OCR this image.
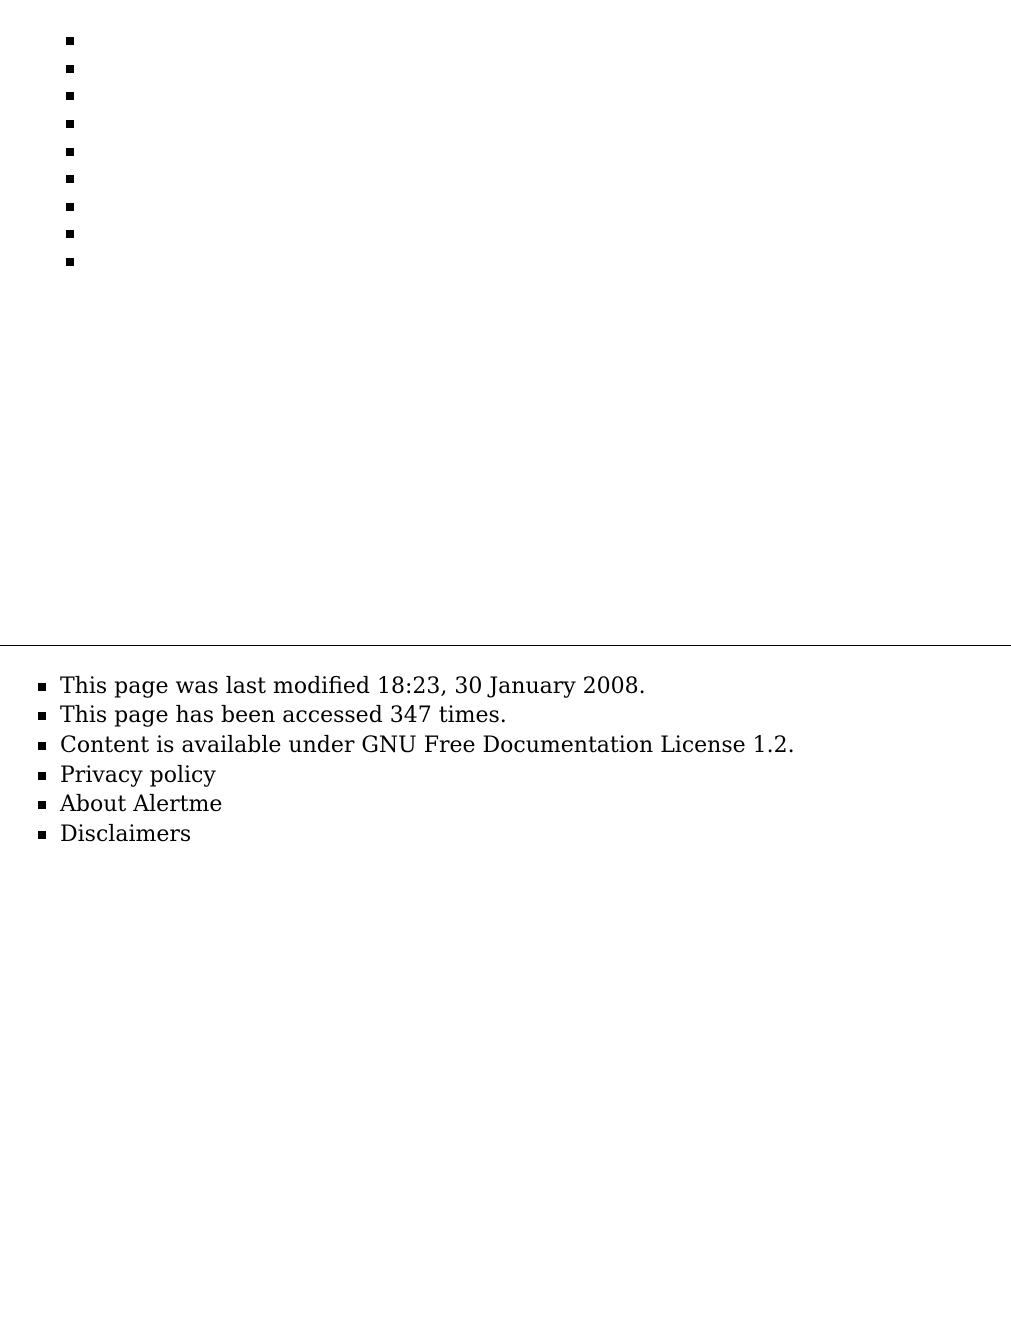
This page was last modified 18:23, 30 January 2008.
This page has been accessed 347 times.
Content is available under GNU Free Documentation License 1.2.
Privacy policy
About Alertme
Disclaimers
